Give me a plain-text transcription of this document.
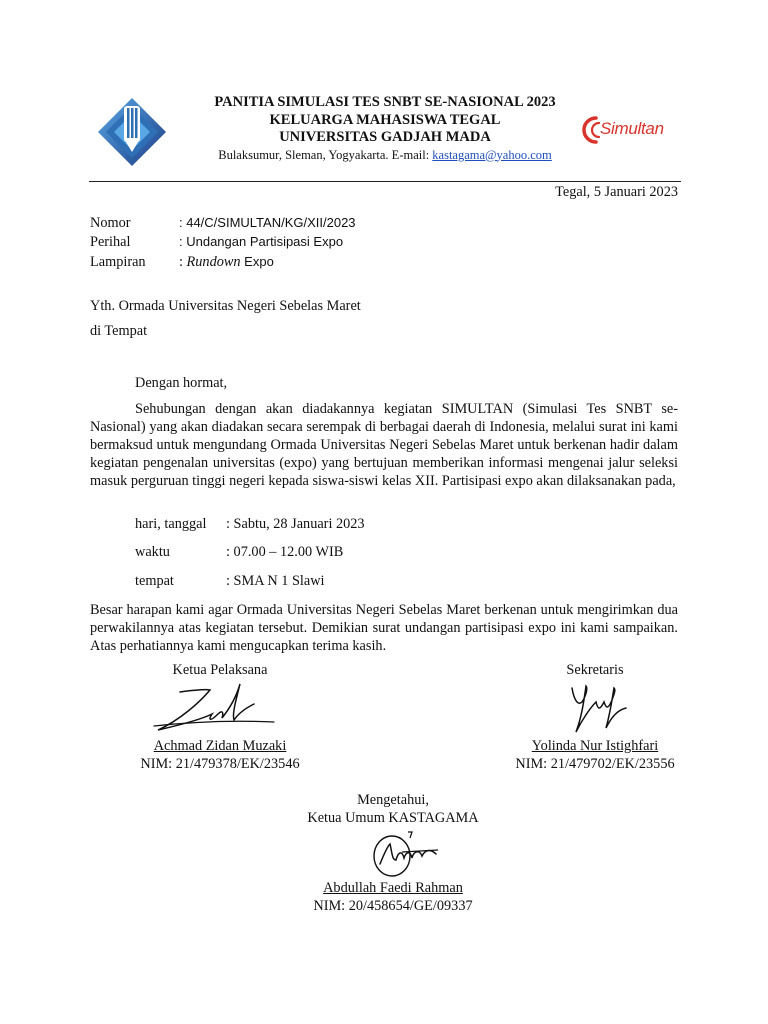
PANITIA SIMULASI TES SNBT SE-NASIONAL 2023
KELUARGA MAHASISWA TEGAL
UNIVERSITAS GADJAH MADA
Bulaksumur, Sleman, Yogyakarta. E-mail: kastagama@yahoo.com
Simultan
Tegal, 5 Januari 2023
Nomor	: 44/C/SIMULTAN/KG/XII/2023
Perihal	: Undangan Partisipasi Expo
Lampiran : Rundown Expo
Yth. Ormada Universitas Negeri Sebelas Maret
di Tempat
Dengan hormat,
Sehubungan dengan akan diadakannya kegiatan SIMULTAN (Simulasi Tes SNBT se-Nasional) yang akan diadakan secara serempak di berbagai daerah di Indonesia, melalui surat ini kami bermaksud untuk mengundang Ormada Universitas Negeri Sebelas Maret untuk berkenan hadir dalam kegiatan pengenalan universitas (expo) yang bertujuan memberikan informasi mengenai jalur seleksi masuk perguruan tinggi negeri kepada siswa-siswi kelas XII. Partisipasi expo akan dilaksanakan pada,
hari, tanggal : Sabtu, 28 Januari 2023
waktu	: 07.00 – 12.00 WIB
tempat	: SMA N 1 Slawi
Besar harapan kami agar Ormada Universitas Negeri Sebelas Maret berkenan untuk mengirimkan dua perwakilannya atas kegiatan tersebut. Demikian surat undangan partisipasi expo ini kami sampaikan. Atas perhatiannya kami mengucapkan terima kasih.
Ketua Pelaksana
Achmad Zidan Muzaki
NIM: 21/479378/EK/23546
Sekretaris
Yolinda Nur Istighfari
NIM: 21/479702/EK/23556
Mengetahui,
Ketua Umum KASTAGAMA
Abdullah Faedi Rahman
NIM: 20/458654/GE/09337
